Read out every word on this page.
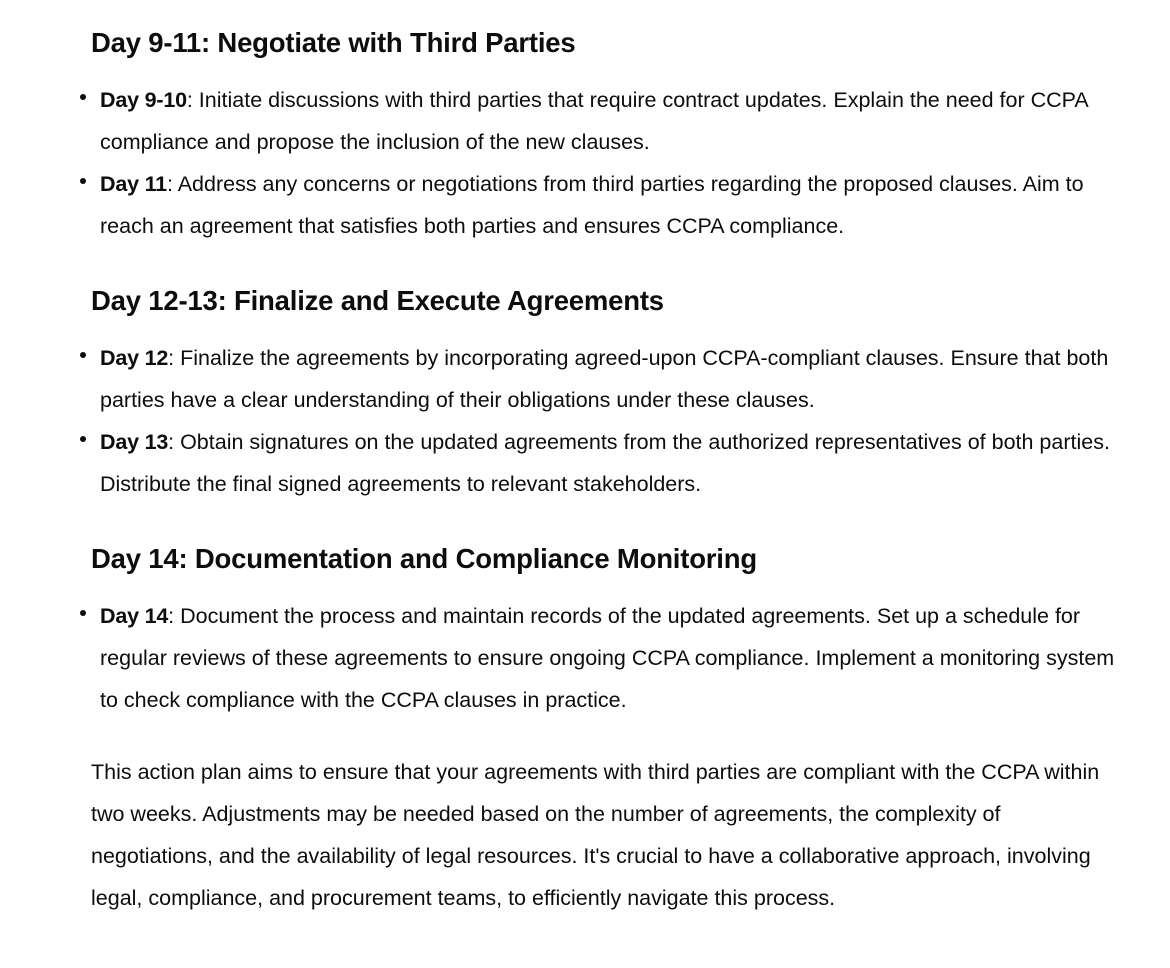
Day 9-11: Negotiate with Third Parties
Day 9-10: Initiate discussions with third parties that require contract updates. Explain the need for CCPA compliance and propose the inclusion of the new clauses.
Day 11: Address any concerns or negotiations from third parties regarding the proposed clauses. Aim to reach an agreement that satisfies both parties and ensures CCPA compliance.
Day 12-13: Finalize and Execute Agreements
Day 12: Finalize the agreements by incorporating agreed-upon CCPA-compliant clauses. Ensure that both parties have a clear understanding of their obligations under these clauses.
Day 13: Obtain signatures on the updated agreements from the authorized representatives of both parties. Distribute the final signed agreements to relevant stakeholders.
Day 14: Documentation and Compliance Monitoring
Day 14: Document the process and maintain records of the updated agreements. Set up a schedule for regular reviews of these agreements to ensure ongoing CCPA compliance. Implement a monitoring system to check compliance with the CCPA clauses in practice.

This action plan aims to ensure that your agreements with third parties are compliant with the CCPA within two weeks. Adjustments may be needed based on the number of agreements, the complexity of negotiations, and the availability of legal resources. It's crucial to have a collaborative approach, involving legal, compliance, and procurement teams, to efficiently navigate this process.
